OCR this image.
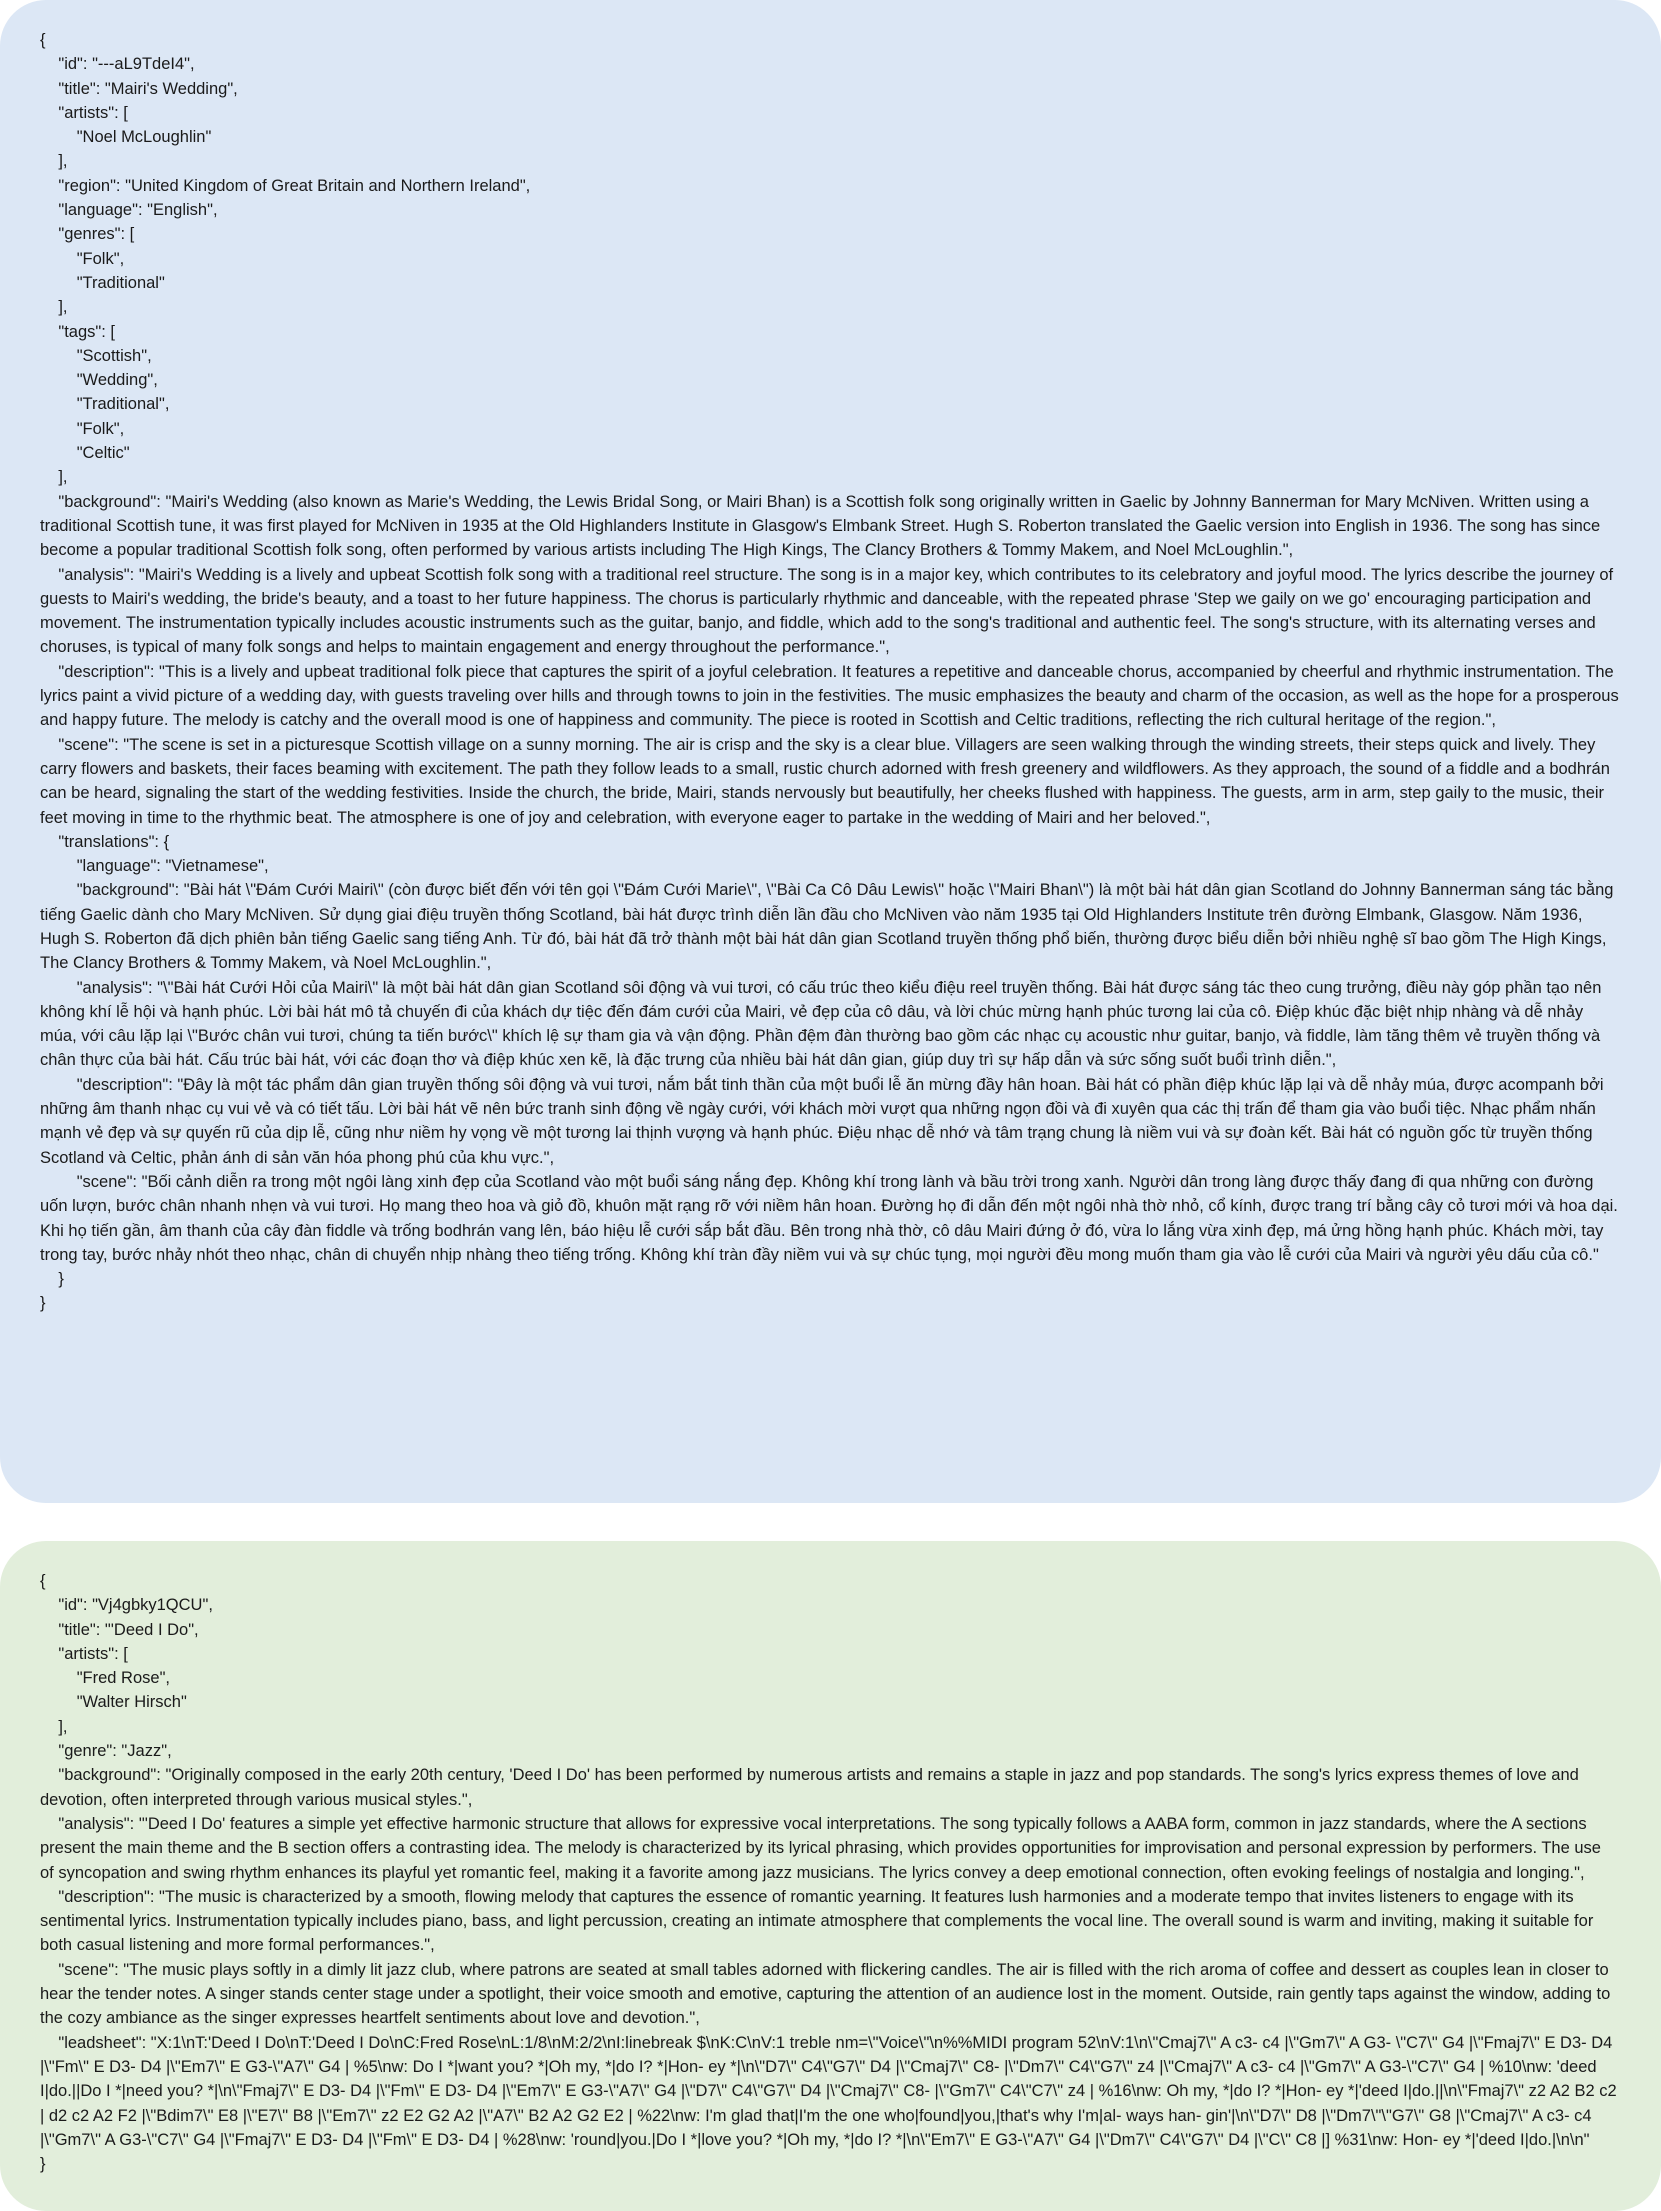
{
"id": "---aL9TdeI4",
"title": "Mairi's Wedding",
"artists": [
"Noel McLoughlin"
],
"region": "United Kingdom of Great Britain and Northern Ireland",
"language": "English",
"genres": [
"Folk",
"Traditional"
],
"tags": [
"Scottish",
"Wedding",
"Traditional",
"Folk",
"Celtic"
],
"background": "Mairi's Wedding (also known as Marie's Wedding, the Lewis Bridal Song, or Mairi Bhan) is a Scottish folk song originally written in Gaelic by Johnny Bannerman for Mary McNiven. Written using a traditional Scottish tune, it was first played for McNiven in 1935 at the Old Highlanders Institute in Glasgow's Elmbank Street. Hugh S. Roberton translated the Gaelic version into English in 1936. The song has since become a popular traditional Scottish folk song, often performed by various artists including The High Kings, The Clancy Brothers & Tommy Makem, and Noel McLoughlin.",
"analysis": "Mairi's Wedding is a lively and upbeat Scottish folk song with a traditional reel structure. The song is in a major key, which contributes to its celebratory and joyful mood. The lyrics describe the journey of guests to Mairi's wedding, the bride's beauty, and a toast to her future happiness. The chorus is particularly rhythmic and danceable, with the repeated phrase 'Step we gaily on we go' encouraging participation and movement. The instrumentation typically includes acoustic instruments such as the guitar, banjo, and fiddle, which add to the song's traditional and authentic feel. The song's structure, with its alternating verses and choruses, is typical of many folk songs and helps to maintain engagement and energy throughout the performance.",
"description": "This is a lively and upbeat traditional folk piece that captures the spirit of a joyful celebration. It features a repetitive and danceable chorus, accompanied by cheerful and rhythmic instrumentation. The lyrics paint a vivid picture of a wedding day, with guests traveling over hills and through towns to join in the festivities. The music emphasizes the beauty and charm of the occasion, as well as the hope for a prosperous and happy future. The melody is catchy and the overall mood is one of happiness and community. The piece is rooted in Scottish and Celtic traditions, reflecting the rich cultural heritage of the region.",
"scene": "The scene is set in a picturesque Scottish village on a sunny morning. The air is crisp and the sky is a clear blue. Villagers are seen walking through the winding streets, their steps quick and lively. They carry flowers and baskets, their faces beaming with excitement. The path they follow leads to a small, rustic church adorned with fresh greenery and wildflowers. As they approach, the sound of a fiddle and a bodhrán can be heard, signaling the start of the wedding festivities. Inside the church, the bride, Mairi, stands nervously but beautifully, her cheeks flushed with happiness. The guests, arm in arm, step gaily to the music, their feet moving in time to the rhythmic beat. The atmosphere is one of joy and celebration, with everyone eager to partake in the wedding of Mairi and her beloved.",
"translations": {
"language": "Vietnamese",
"background": "Bài hát \"Đám Cưới Mairi\" (còn được biết đến với tên gọi \"Đám Cưới Marie\", \"Bài Ca Cô Dâu Lewis\" hoặc \"Mairi Bhan\") là một bài hát dân gian Scotland do Johnny Bannerman sáng tác bằng tiếng Gaelic dành cho Mary McNiven. Sử dụng giai điệu truyền thống Scotland, bài hát được trình diễn lần đầu cho McNiven vào năm 1935 tại Old Highlanders Institute trên đường Elmbank, Glasgow. Năm 1936, Hugh S. Roberton đã dịch phiên bản tiếng Gaelic sang tiếng Anh. Từ đó, bài hát đã trở thành một bài hát dân gian Scotland truyền thống phổ biến, thường được biểu diễn bởi nhiều nghệ sĩ bao gồm The High Kings, The Clancy Brothers & Tommy Makem, và Noel McLoughlin.",
"analysis": "\"Bài hát Cưới Hỏi của Mairi\" là một bài hát dân gian Scotland sôi động và vui tươi, có cấu trúc theo kiểu điệu reel truyền thống. Bài hát được sáng tác theo cung trưởng, điều này góp phần tạo nên không khí lễ hội và hạnh phúc. Lời bài hát mô tả chuyến đi của khách dự tiệc đến đám cưới của Mairi, vẻ đẹp của cô dâu, và lời chúc mừng hạnh phúc tương lai của cô. Điệp khúc đặc biệt nhịp nhàng và dễ nhảy múa, với câu lặp lại \"Bước chân vui tươi, chúng ta tiến bước\" khích lệ sự tham gia và vận động. Phần đệm đàn thường bao gồm các nhạc cụ acoustic như guitar, banjo, và fiddle, làm tăng thêm vẻ truyền thống và chân thực của bài hát. Cấu trúc bài hát, với các đoạn thơ và điệp khúc xen kẽ, là đặc trưng của nhiều bài hát dân gian, giúp duy trì sự hấp dẫn và sức sống suốt buổi trình diễn.",
"description": "Đây là một tác phẩm dân gian truyền thống sôi động và vui tươi, nắm bắt tinh thần của một buổi lễ ăn mừng đầy hân hoan. Bài hát có phần điệp khúc lặp lại và dễ nhảy múa, được acompanh bởi những âm thanh nhạc cụ vui vẻ và có tiết tấu. Lời bài hát vẽ nên bức tranh sinh động về ngày cưới, với khách mời vượt qua những ngọn đồi và đi xuyên qua các thị trấn để tham gia vào buổi tiệc. Nhạc phẩm nhấn mạnh vẻ đẹp và sự quyến rũ của dịp lễ, cũng như niềm hy vọng về một tương lai thịnh vượng và hạnh phúc. Điệu nhạc dễ nhớ và tâm trạng chung là niềm vui và sự đoàn kết. Bài hát có nguồn gốc từ truyền thống Scotland và Celtic, phản ánh di sản văn hóa phong phú của khu vực.",
"scene": "Bối cảnh diễn ra trong một ngôi làng xinh đẹp của Scotland vào một buổi sáng nắng đẹp. Không khí trong lành và bầu trời trong xanh. Người dân trong làng được thấy đang đi qua những con đường uốn lượn, bước chân nhanh nhẹn và vui tươi. Họ mang theo hoa và giỏ đồ, khuôn mặt rạng rỡ với niềm hân hoan. Đường họ đi dẫn đến một ngôi nhà thờ nhỏ, cổ kính, được trang trí bằng cây cỏ tươi mới và hoa dại. Khi họ tiến gần, âm thanh của cây đàn fiddle và trống bodhrán vang lên, báo hiệu lễ cưới sắp bắt đầu. Bên trong nhà thờ, cô dâu Mairi đứng ở đó, vừa lo lắng vừa xinh đẹp, má ửng hồng hạnh phúc. Khách mời, tay trong tay, bước nhảy nhót theo nhạc, chân di chuyển nhịp nhàng theo tiếng trống. Không khí tràn đầy niềm vui và sự chúc tụng, mọi người đều mong muốn tham gia vào lễ cưới của Mairi và người yêu dấu của cô."
}
}
{
"id": "Vj4gbky1QCU",
"title": "'Deed I Do",
"artists": [
"Fred Rose",
"Walter Hirsch"
],
"genre": "Jazz",
"background": "Originally composed in the early 20th century, 'Deed I Do' has been performed by numerous artists and remains a staple in jazz and pop standards. The song's lyrics express themes of love and devotion, often interpreted through various musical styles.",
"analysis": "'Deed I Do' features a simple yet effective harmonic structure that allows for expressive vocal interpretations. The song typically follows a AABA form, common in jazz standards, where the A sections present the main theme and the B section offers a contrasting idea. The melody is characterized by its lyrical phrasing, which provides opportunities for improvisation and personal expression by performers. The use of syncopation and swing rhythm enhances its playful yet romantic feel, making it a favorite among jazz musicians. The lyrics convey a deep emotional connection, often evoking feelings of nostalgia and longing.",
"description": "The music is characterized by a smooth, flowing melody that captures the essence of romantic yearning. It features lush harmonies and a moderate tempo that invites listeners to engage with its sentimental lyrics. Instrumentation typically includes piano, bass, and light percussion, creating an intimate atmosphere that complements the vocal line. The overall sound is warm and inviting, making it suitable for both casual listening and more formal performances.",
"scene": "The music plays softly in a dimly lit jazz club, where patrons are seated at small tables adorned with flickering candles. The air is filled with the rich aroma of coffee and dessert as couples lean in closer to hear the tender notes. A singer stands center stage under a spotlight, their voice smooth and emotive, capturing the attention of an audience lost in the moment. Outside, rain gently taps against the window, adding to the cozy ambiance as the singer expresses heartfelt sentiments about love and devotion.",
"leadsheet": "X:1\nT:'Deed I Do\nT:'Deed I Do\nC:Fred Rose\nL:1/8\nM:2/2\nI:linebreak $\nK:C\nV:1 treble nm=\"Voice\"\n%%MIDI program 52\nV:1\n\"Cmaj7\" A c3- c4 |\"Gm7\" A G3- \"C7\" G4 |\"Fmaj7\" E D3- D4 |\"Fm\" E D3- D4 |\"Em7\" E G3-\"A7\" G4 | %5\nw: Do I *|want you? *|Oh my, *|do I? *|Hon- ey *|\n\"D7\" C4\"G7\" D4 |\"Cmaj7\" C8- |\"Dm7\" C4\"G7\" z4 |\"Cmaj7\" A c3- c4 |\"Gm7\" A G3-\"C7\" G4 | %10\nw: 'deed I|do.||Do I *|need you? *|\n\"Fmaj7\" E D3- D4 |\"Fm\" E D3- D4 |\"Em7\" E G3-\"A7\" G4 |\"D7\" C4\"G7\" D4 |\"Cmaj7\" C8- |\"Gm7\" C4\"C7\" z4 | %16\nw: Oh my, *|do I? *|Hon- ey *|'deed I|do.||\n\"Fmaj7\" z2 A2 B2 c2 | d2 c2 A2 F2 |\"Bdim7\" E8 |\"E7\" B8 |\"Em7\" z2 E2 G2 A2 |\"A7\" B2 A2 G2 E2 | %22\nw: I'm glad that|I'm the one who|found|you,|that's why I'm|al- ways han- gin'|\n\"D7\" D8 |\"Dm7\"\"G7\" G8 |\"Cmaj7\" A c3- c4 |\"Gm7\" A G3-\"C7\" G4 |\"Fmaj7\" E D3- D4 |\"Fm\" E D3- D4 | %28\nw: 'round|you.|Do I *|love you? *|Oh my, *|do I? *|\n\"Em7\" E G3-\"A7\" G4 |\"Dm7\" C4\"G7\" D4 |\"C\" C8 |] %31\nw: Hon- ey *|'deed I|do.|\n\n"
}
